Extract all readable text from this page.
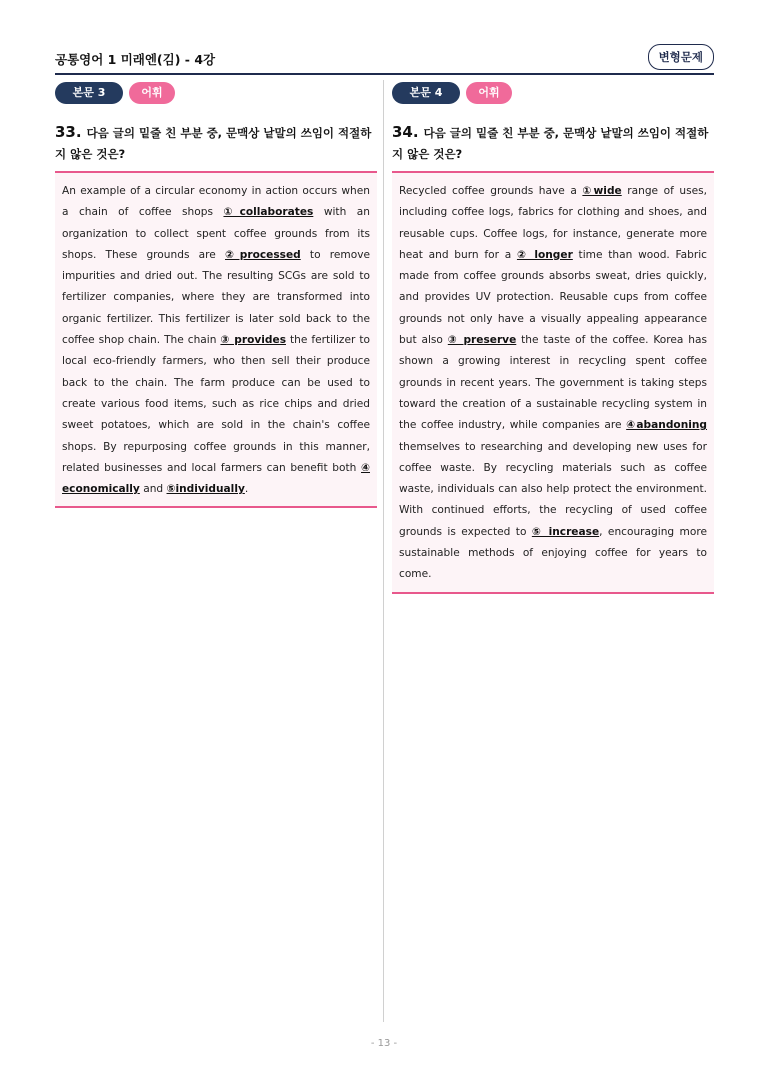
공통영어 1 미래엔(김) - 4강	변형문제
본문 3	어휘
33. 다음 글의 밑줄 친 부분 중, 문맥상 낱말의 쓰임이 적절하지 않은 것은?
An example of a circular economy in action occurs when a chain of coffee shops ①collaborates with an organization to collect spent coffee grounds from its shops. These grounds are ②processed to remove impurities and dried out. The resulting SCGs are sold to fertilizer companies, where they are transformed into organic fertilizer. This fertilizer is later sold back to the coffee shop chain. The chain ③ provides the fertilizer to local eco-friendly farmers, who then sell their produce back to the chain. The farm produce can be used to create various food items, such as rice chips and dried sweet potatoes, which are sold in the chain's coffee shops. By repurposing coffee grounds in this manner, related businesses and local farmers can benefit both ④ economically and ⑤individually.
본문 4	어휘
34. 다음 글의 밑줄 친 부분 중, 문맥상 낱말의 쓰임이 적절하지 않은 것은?
Recycled coffee grounds have a ①wide range of uses, including coffee logs, fabrics for clothing and shoes, and reusable cups. Coffee logs, for instance, generate more heat and burn for a ② longer time than wood. Fabric made from coffee grounds absorbs sweat, dries quickly, and provides UV protection. Reusable cups from coffee grounds not only have a visually appealing appearance but also ③ preserve the taste of the coffee. Korea has shown a growing interest in recycling spent coffee grounds in recent years. The government is taking steps toward the creation of a sustainable recycling system in the coffee industry, while companies are ④abandoning themselves to researching and developing new uses for coffee waste. By recycling materials such as coffee waste, individuals can also help protect the environment. With continued efforts, the recycling of used coffee grounds is expected to ⑤ increase, encouraging more sustainable methods of enjoying coffee for years to come.
- 13 -
